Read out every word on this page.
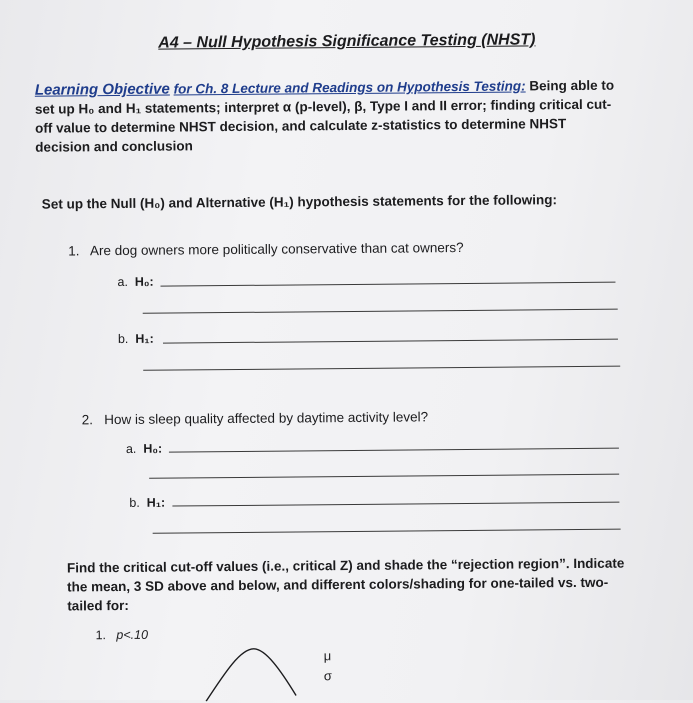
A4 – Null Hypothesis Significance Testing (NHST)
Learning Objective for Ch. 8 Lecture and Readings on Hypothesis Testing: Being able to set up H₀ and H₁ statements; interpret α (p-level), β, Type I and II error; finding critical cut-off value to determine NHST decision, and calculate z-statistics to determine NHST decision and conclusion
Set up the Null (H₀) and Alternative (H₁) hypothesis statements for the following:
1. Are dog owners more politically conservative than cat owners?
a. H₀:
b. H₁:
2. How is sleep quality affected by daytime activity level?
a. H₀:
b. H₁:
Find the critical cut-off values (i.e., critical Z) and shade the “rejection region”. Indicate the mean, 3 SD above and below, and different colors/shading for one-tailed vs. two-tailed for:
1. p<.10
μ
σ
